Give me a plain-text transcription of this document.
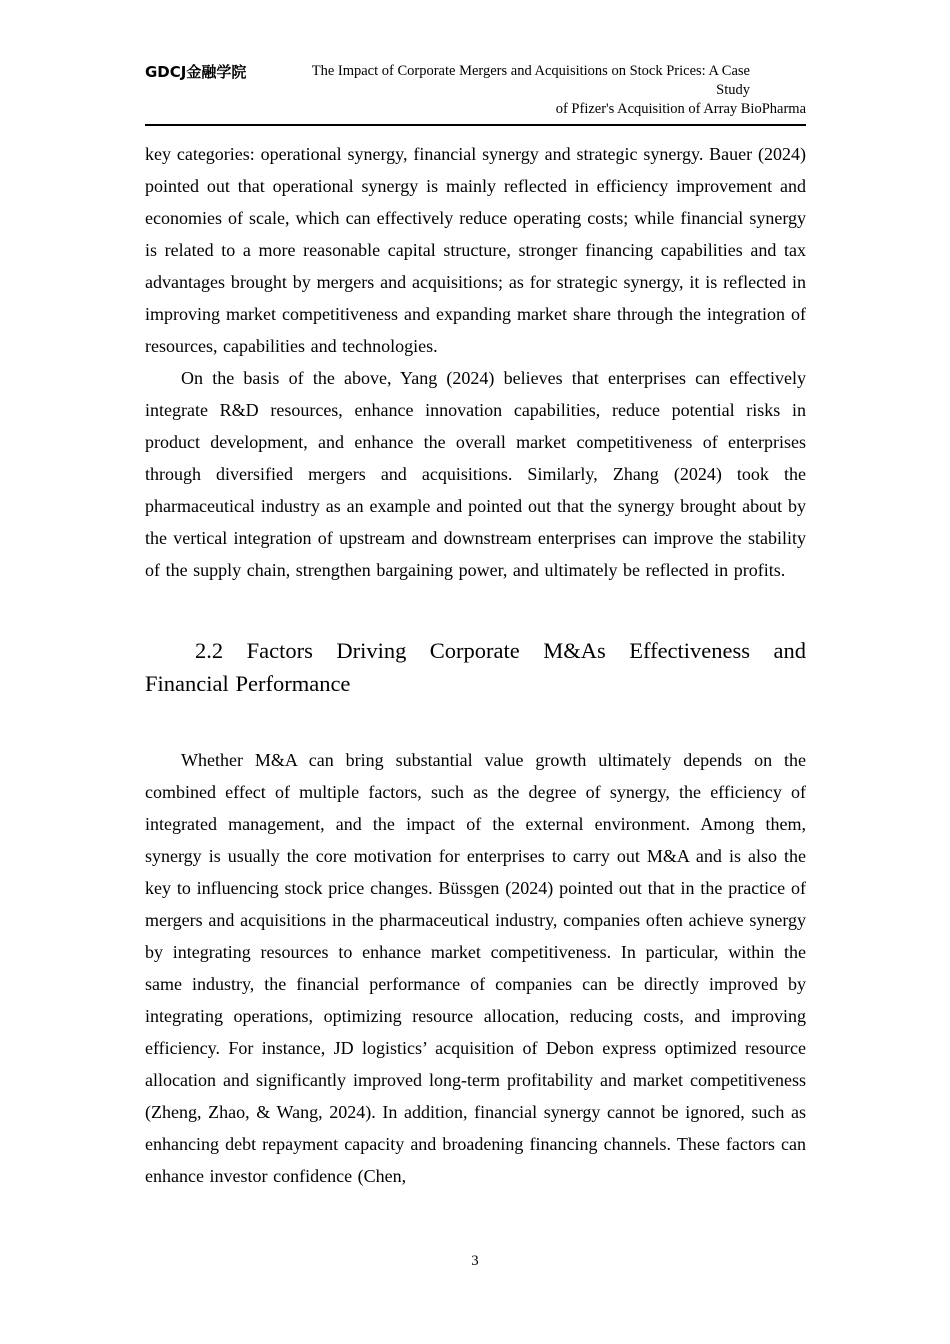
GDCJ金融学院	The Impact of Corporate Mergers and Acquisitions on Stock Prices: A Case Study
of Pfizer's Acquisition of Array BioPharma

key categories: operational synergy, financial synergy and strategic synergy. Bauer (2024) pointed out that operational synergy is mainly reflected in efficiency improvement and economies of scale, which can effectively reduce operating costs; while financial synergy is related to a more reasonable capital structure, stronger financing capabilities and tax advantages brought by mergers and acquisitions; as for strategic synergy, it is reflected in improving market competitiveness and expanding market share through the integration of resources, capabilities and technologies.

On the basis of the above, Yang (2024) believes that enterprises can effectively integrate R&D resources, enhance innovation capabilities, reduce potential risks in product development, and enhance the overall market competitiveness of enterprises through diversified mergers and acquisitions. Similarly, Zhang (2024) took the pharmaceutical industry as an example and pointed out that the synergy brought about by the vertical integration of upstream and downstream enterprises can improve the stability of the supply chain, strengthen bargaining power, and ultimately be reflected in profits.

2.2 Factors Driving Corporate M&As Effectiveness and
Financial Performance

Whether M&A can bring substantial value growth ultimately depends on the combined effect of multiple factors, such as the degree of synergy, the efficiency of integrated management, and the impact of the external environment. Among them, synergy is usually the core motivation for enterprises to carry out M&A and is also the key to influencing stock price changes. Büssgen (2024) pointed out that in the practice of mergers and acquisitions in the pharmaceutical industry, companies often achieve synergy by integrating resources to enhance market competitiveness. In particular, within the same industry, the financial performance of companies can be directly improved by integrating operations, optimizing resource allocation, reducing costs, and improving efficiency. For instance, JD logistics’ acquisition of Debon express optimized resource allocation and significantly improved long-term profitability and market competitiveness (Zheng, Zhao, & Wang, 2024). In addition, financial synergy cannot be ignored, such as enhancing debt repayment capacity and broadening financing channels. These factors can enhance investor confidence (Chen,

3
